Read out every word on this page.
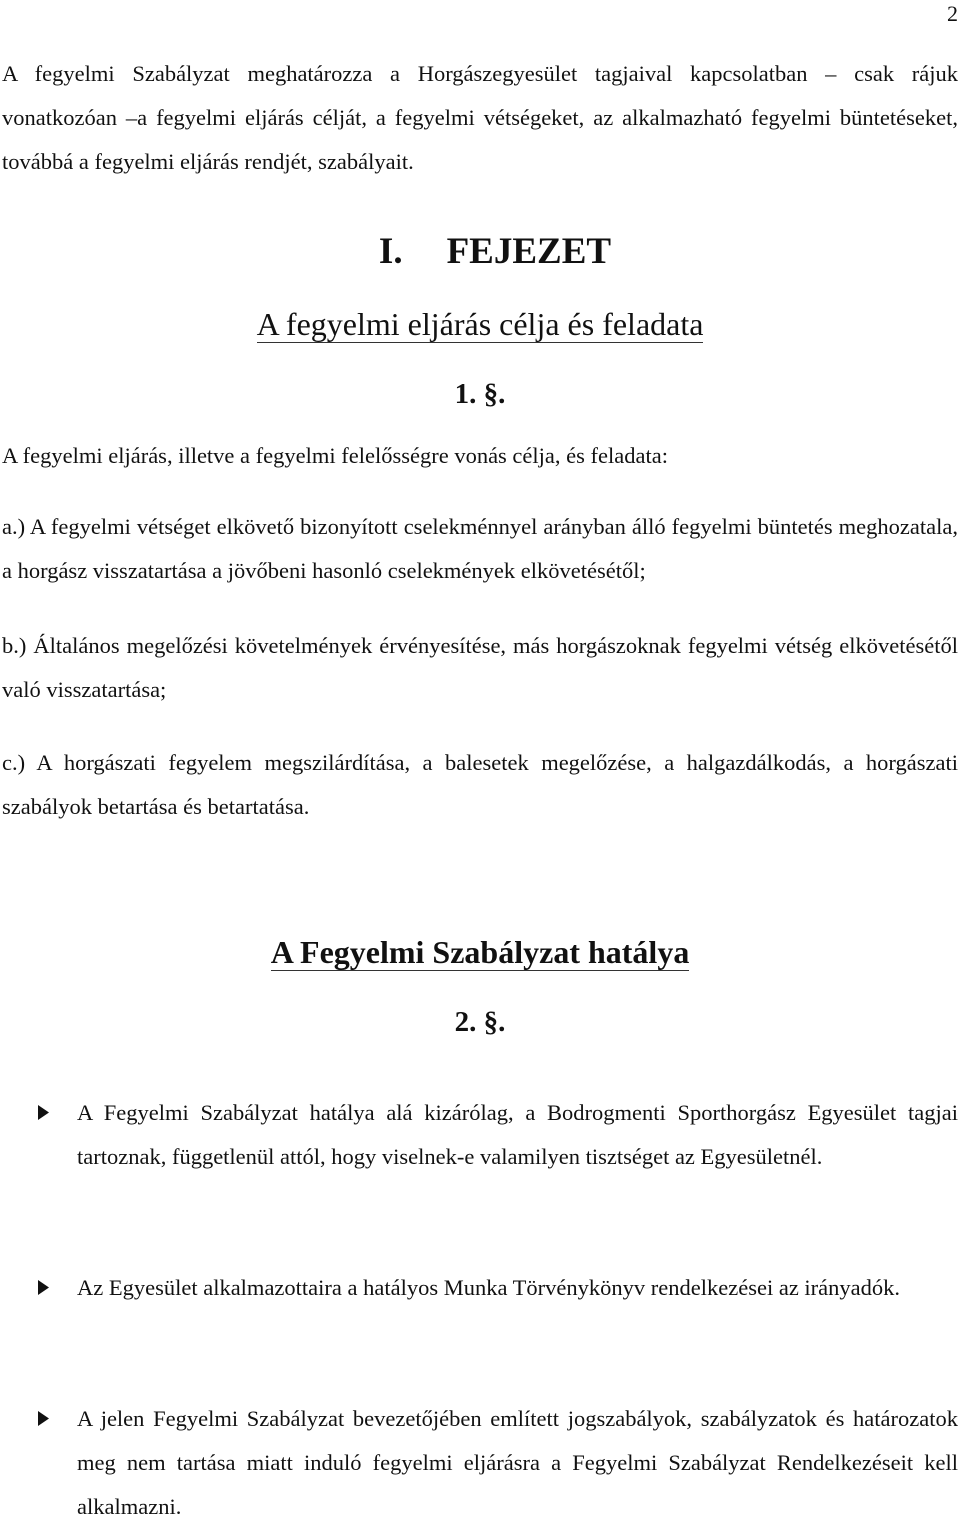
2

A fegyelmi Szabályzat meghatározza a Horgászegyesület tagjaival kapcsolatban – csak rájuk vonatkozóan –a fegyelmi eljárás célját, a fegyelmi vétségeket, az alkalmazható fegyelmi büntetéseket, továbbá a fegyelmi eljárás rendjét, szabályait.

I. FEJEZET
A fegyelmi eljárás célja és feladata
1. §.

A fegyelmi eljárás, illetve a fegyelmi felelősségre vonás célja, és feladata:

a.) A fegyelmi vétséget elkövető bizonyított cselekménnyel arányban álló fegyelmi büntetés meghozatala, a horgász visszatartása a jövőbeni hasonló cselekmények elkövetésétől;

b.) Általános megelőzési követelmények érvényesítése, más horgászoknak fegyelmi vétség elkövetésétől való visszatartása;

c.) A horgászati fegyelem megszilárdítása, a balesetek megelőzése, a halgazdálkodás, a horgászati szabályok betartása és betartatása.

A Fegyelmi Szabályzat hatálya
2. §.

A Fegyelmi Szabályzat hatálya alá kizárólag, a Bodrogmenti Sporthorgász Egyesület tagjai tartoznak, függetlenül attól, hogy viselnek-e valamilyen tisztséget az Egyesületnél.

Az Egyesület alkalmazottaira a hatályos Munka Törvénykönyv rendelkezései az irányadók.

A jelen Fegyelmi Szabályzat bevezetőjében említett jogszabályok, szabályzatok és határozatok meg nem tartása miatt induló fegyelmi eljárásra a Fegyelmi Szabályzat Rendelkezéseit kell alkalmazni.
